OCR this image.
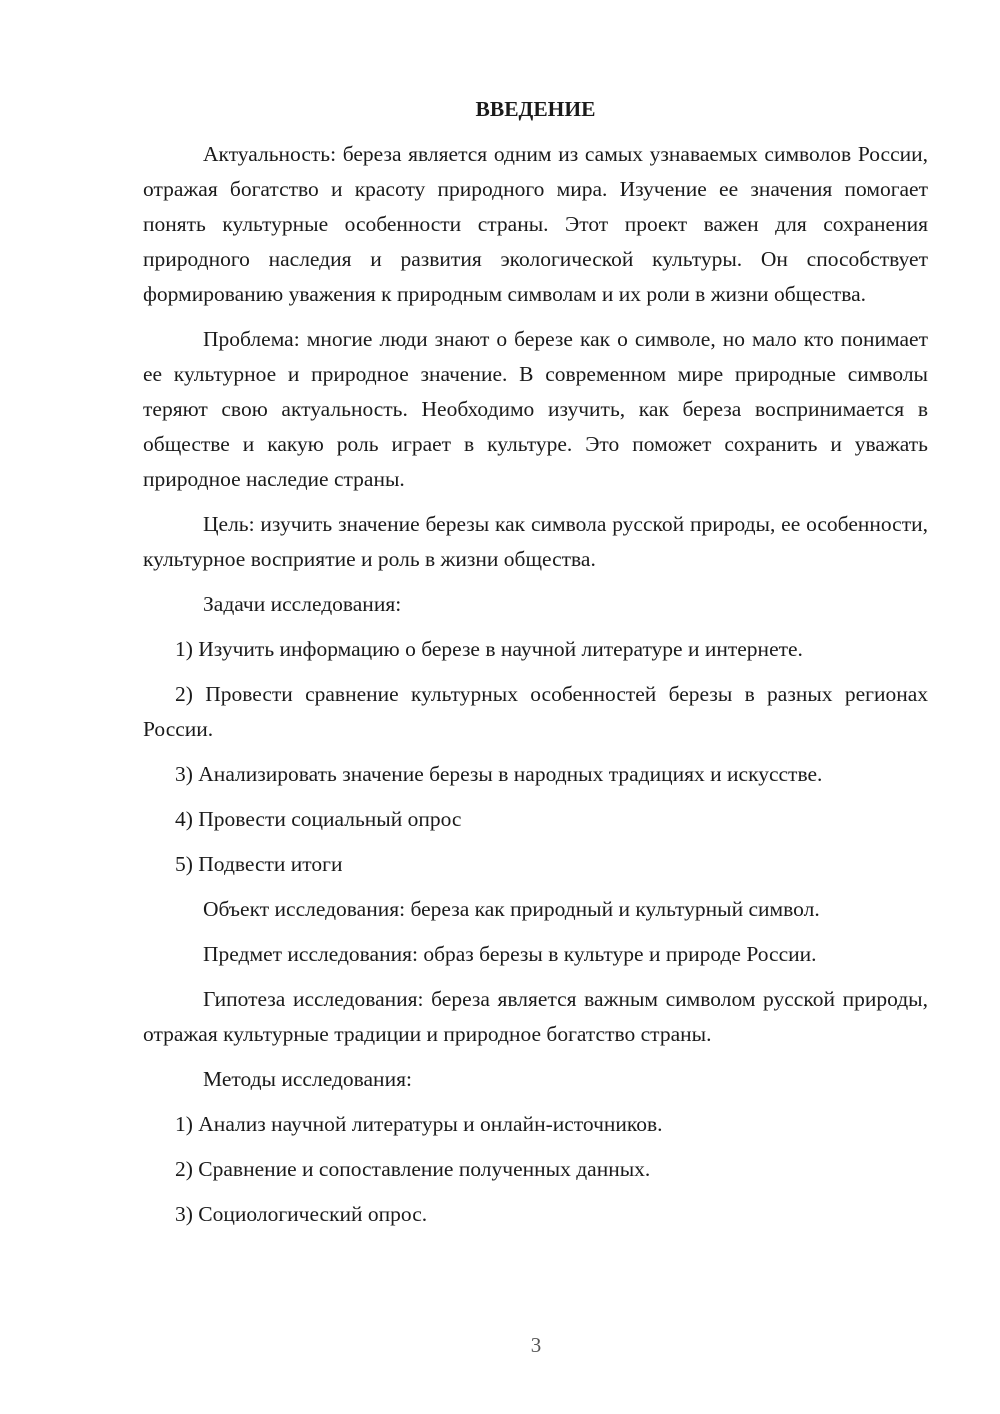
ВВЕДЕНИЕ

Актуальность: береза является одним из самых узнаваемых символов России, отражая богатство и красоту природного мира. Изучение ее значения помогает понять культурные особенности страны. Этот проект важен для сохранения природного наследия и развития экологической культуры. Он способствует формированию уважения к природным символам и их роли в жизни общества.

Проблема: многие люди знают о березе как о символе, но мало кто понимает ее культурное и природное значение. В современном мире природные символы теряют свою актуальность. Необходимо изучить, как береза воспринимается в обществе и какую роль играет в культуре. Это поможет сохранить и уважать природное наследие страны.

Цель: изучить значение березы как символа русской природы, ее особенности, культурное восприятие и роль в жизни общества.

Задачи исследования:

1) Изучить информацию о березе в научной литературе и интернете.

2) Провести сравнение культурных особенностей березы в разных регионах России.

3) Анализировать значение березы в народных традициях и искусстве.

4) Провести социальный опрос

5) Подвести итоги

Объект исследования: береза как природный и культурный символ.

Предмет исследования: образ березы в культуре и природе России.

Гипотеза исследования: береза является важным символом русской природы, отражая культурные традиции и природное богатство страны.

Методы исследования:

1) Анализ научной литературы и онлайн-источников.

2) Сравнение и сопоставление полученных данных.

3) Социологический опрос.

3
